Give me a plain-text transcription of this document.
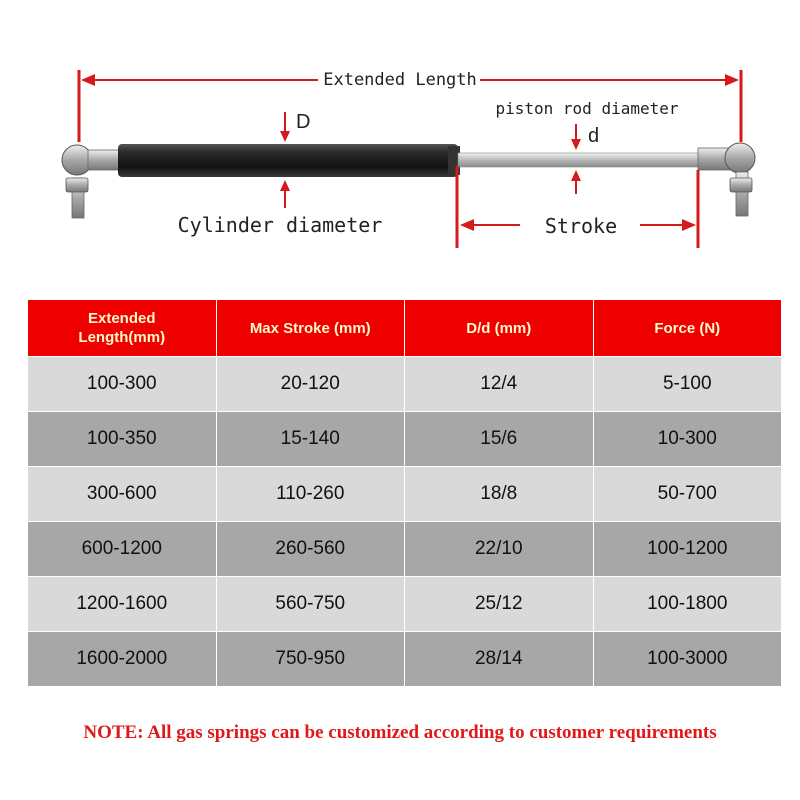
Extended Length
D
Cylinder diameter
piston rod diameter
d
Stroke
Extended Length(mm)	Max Stroke (mm)	D/d (mm)	Force (N)
100-300	20-120	12/4	5-100
100-350	15-140	15/6	10-300
300-600	110-260	18/8	50-700
600-1200	260-560	22/10	100-1200
1200-1600	560-750	25/12	100-1800
1600-2000	750-950	28/14	100-3000
NOTE: All gas springs can be customized according to customer requirements
